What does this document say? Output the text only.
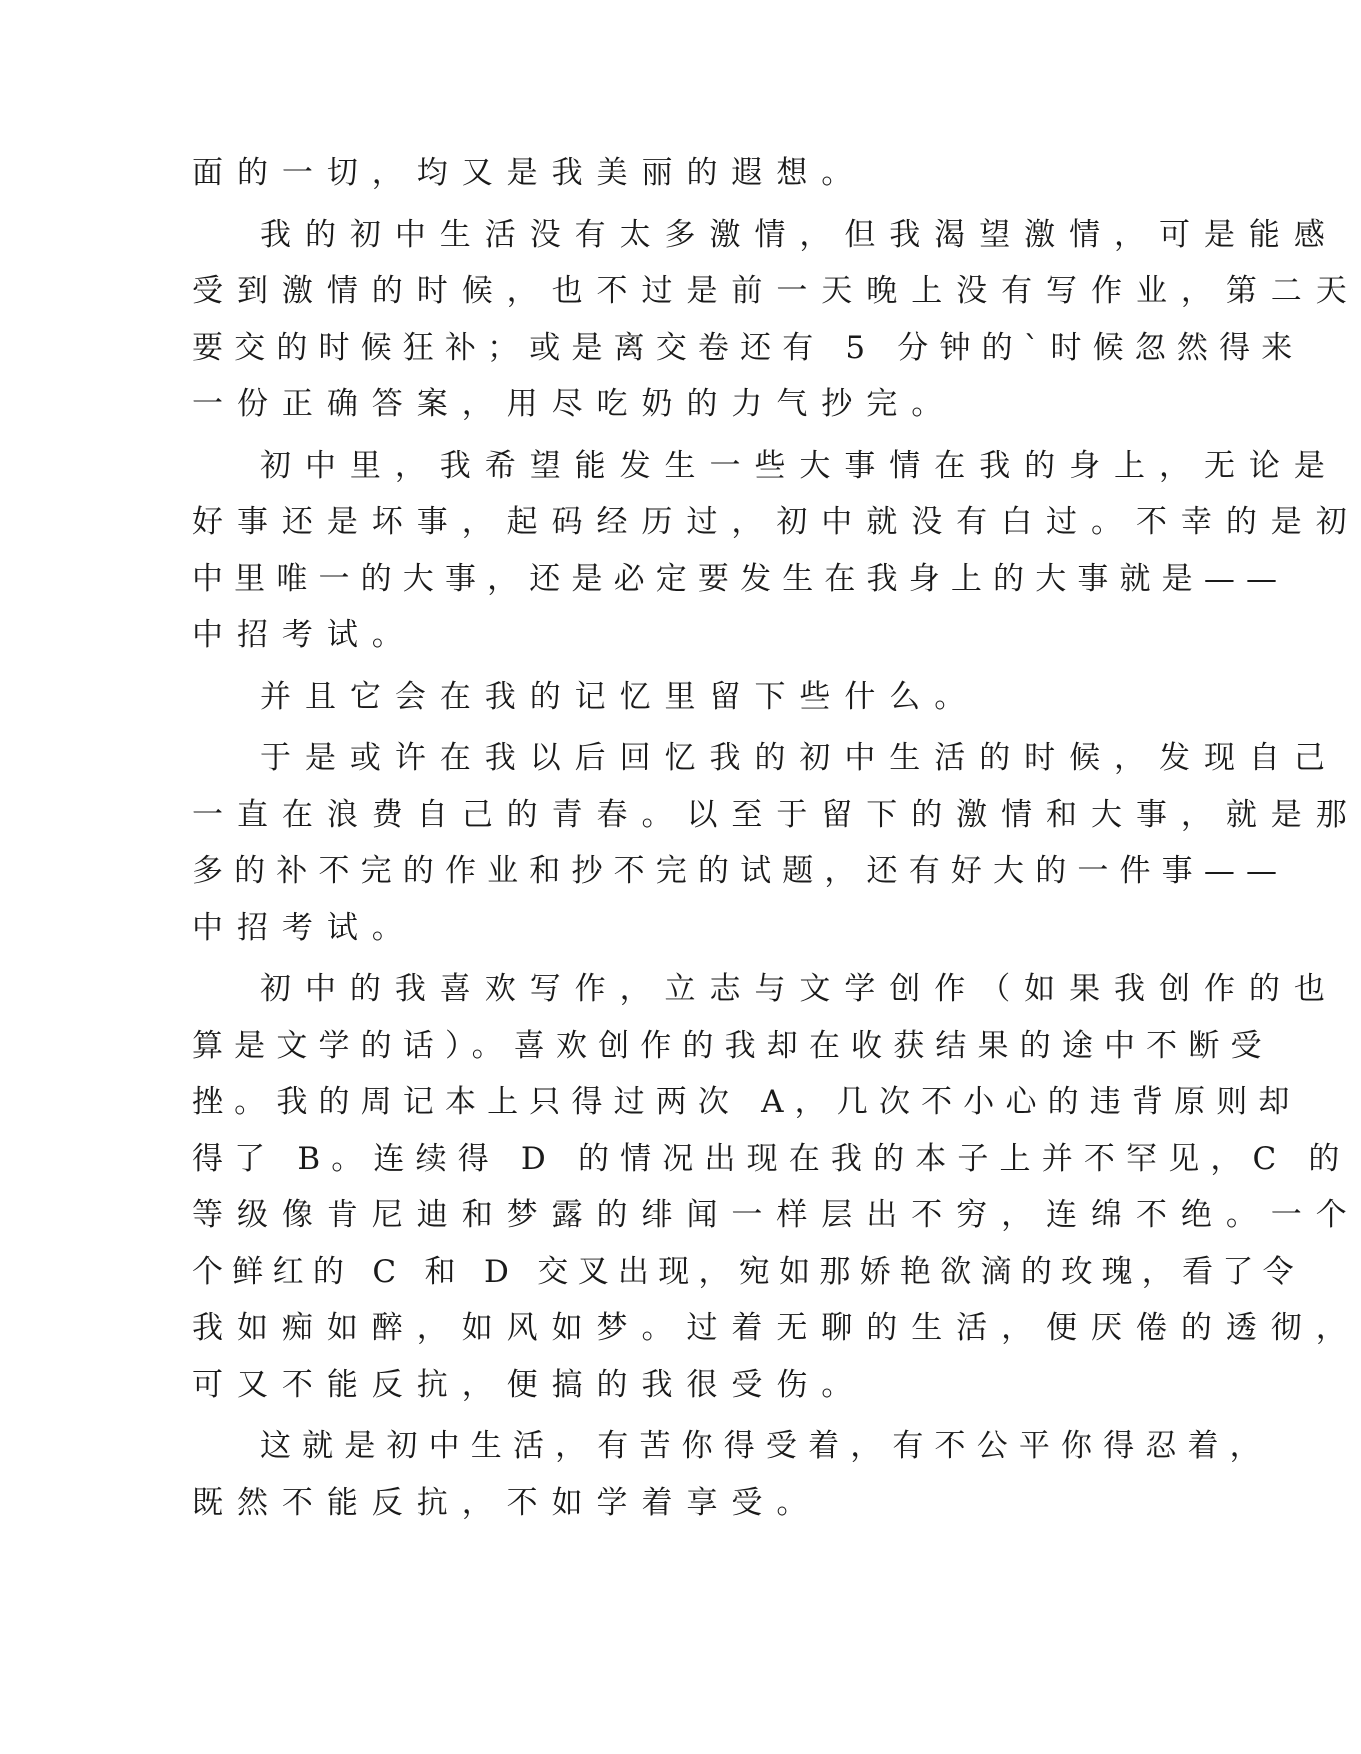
面的一切，均又是我美丽的遐想。
我的初中生活没有太多激情，但我渴望激情，可是能感
受到激情的时候，也不过是前一天晚上没有写作业，第二天
要交的时候狂补；或是离交卷还有 5 分钟的`时候忽然得来
一份正确答案，用尽吃奶的力气抄完。
初中里，我希望能发生一些大事情在我的身上，无论是
好事还是坏事，起码经历过，初中就没有白过。不幸的是初
中里唯一的大事，还是必定要发生在我身上的大事就是——
中招考试。
并且它会在我的记忆里留下些什么。
于是或许在我以后回忆我的初中生活的时候，发现自己
一直在浪费自己的青春。以至于留下的激情和大事，就是那
多的补不完的作业和抄不完的试题，还有好大的一件事——
中招考试。
初中的我喜欢写作，立志与文学创作（如果我创作的也
算是文学的话）。喜欢创作的我却在收获结果的途中不断受
挫。我的周记本上只得过两次 A，几次不小心的违背原则却
得了 B。连续得 D 的情况出现在我的本子上并不罕见，C 的
等级像肯尼迪和梦露的绯闻一样层出不穷，连绵不绝。一个
个鲜红的 C 和 D 交叉出现，宛如那娇艳欲滴的玫瑰，看了令
我如痴如醉，如风如梦。过着无聊的生活，便厌倦的透彻，
可又不能反抗，便搞的我很受伤。
这就是初中生活，有苦你得受着，有不公平你得忍着，
既然不能反抗，不如学着享受。
